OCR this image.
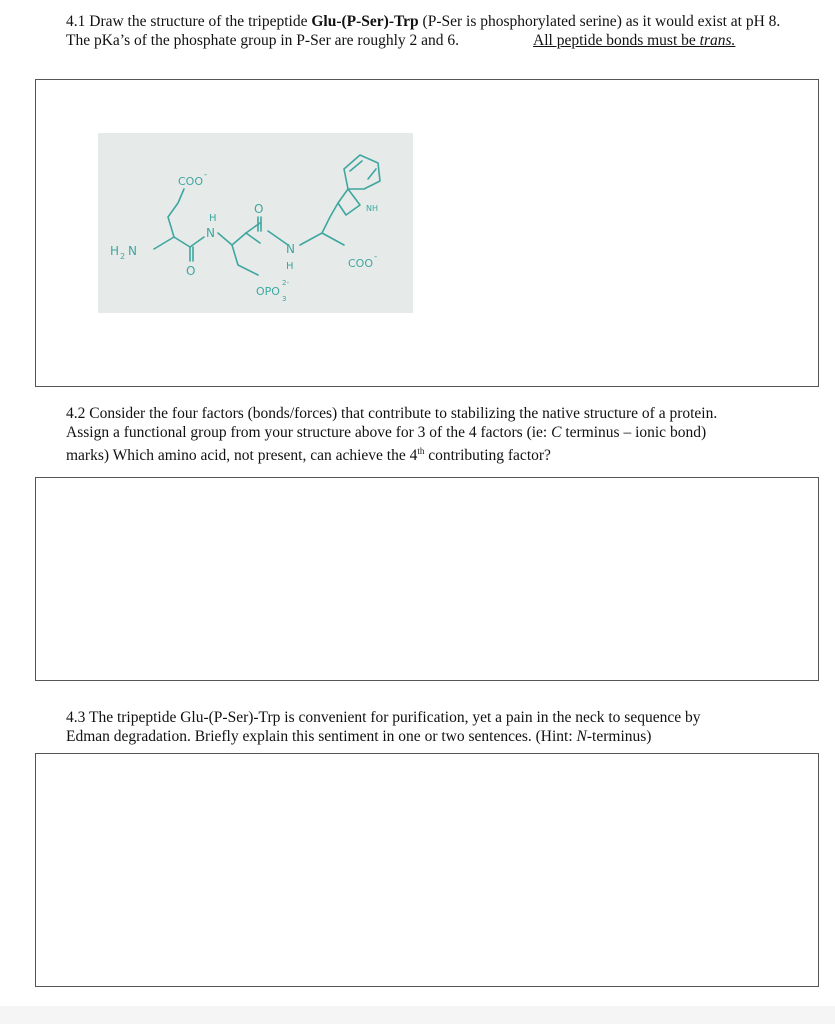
4.1 Draw the structure of the tripeptide Glu-(P-Ser)-Trp (P-Ser is phosphorylated serine) as it would exist at pH 8. The pKa’s of the phosphate group in P-Ser are roughly 2 and 6.	All peptide bonds must be trans.

COO -
H 2 N
H
N
O
O
N
H
OPO
3
2-
COO -
NH

4.2 Consider the four factors (bonds/forces) that contribute to stabilizing the native structure of a protein.

Assign a functional group from your structure above for 3 of the 4 factors (ie: C terminus – ionic bond)

marks) Which amino acid, not present, can achieve the 4th contributing factor?

4.3 The tripeptide Glu-(P-Ser)-Trp is convenient for purification, yet a pain in the neck to sequence by

Edman degradation. Briefly explain this sentiment in one or two sentences. (Hint: N-terminus)
